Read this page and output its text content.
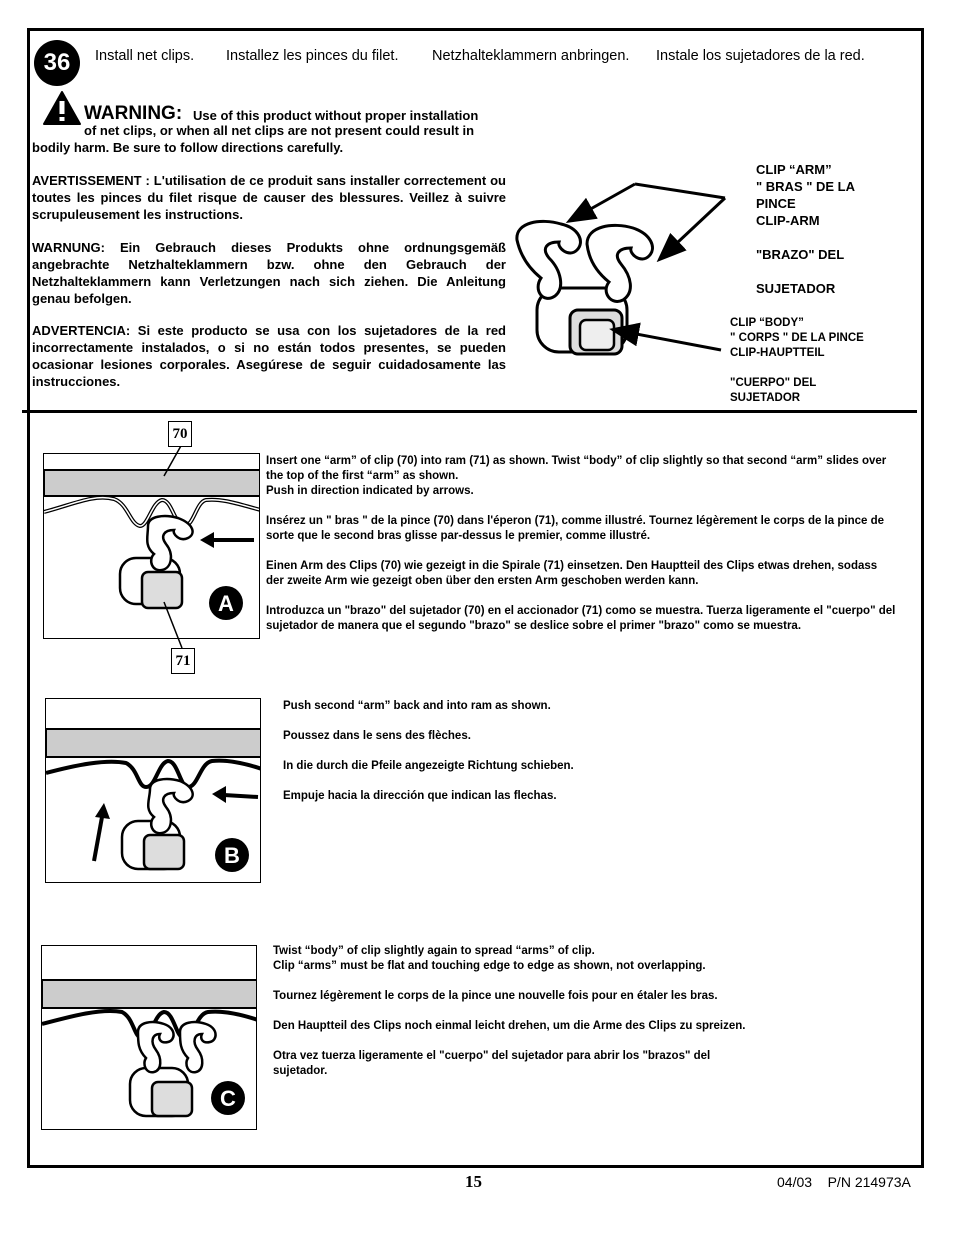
36	Install net clips. Installez les pinces du filet. Netzhalteklammern anbringen. Instale los sujetadores de la red.
WARNING: Use of this product without proper installation
of net clips, or when all net clips are not present could result in
bodily harm. Be sure to follow directions carefully.
AVERTISSEMENT : L'utilisation de ce produit sans installer correctement ou toutes les pinces du filet risque de causer des blessures. Veillez à suivre scrupuleusement les instructions.
WARNUNG: Ein Gebrauch dieses Produkts ohne ordnungsgemäß angebrachte Netzhalteklammern bzw. ohne den Gebrauch der Netzhalteklammern kann Verletzungen nach sich ziehen. Die Anleitung genau befolgen.
ADVERTENCIA: Si este producto se usa con los sujetadores de la red incorrectamente instalados, o si no están todos presentes, se pueden ocasionar lesiones corporales. Asegúrese de seguir cuidadosamente las instrucciones.
CLIP “ARM”
" BRAS " DE LA
PINCE
CLIP-ARM
"BRAZO" DEL
SUJETADOR
CLIP “BODY”
" CORPS " DE LA PINCE
CLIP-HAUPTTEIL
"CUERPO" DEL
SUJETADOR
A
70
71

Insert one “arm” of clip (70) into ram (71) as shown. Twist “body” of clip slightly so that second “arm” slides over the top of the first “arm” as shown.
Push in direction indicated by arrows.

Insérez un " bras " de la pince (70) dans l'éperon (71), comme illustré. Tournez légèrement le corps de la pince de sorte que le second bras glisse par-dessus le premier, comme illustré.

Einen Arm des Clips (70) wie gezeigt in die Spirale (71) einsetzen. Den Hauptteil des Clips etwas drehen, sodass der zweite Arm wie gezeigt oben über den ersten Arm geschoben werden kann.

Introduzca un "brazo" del sujetador (70) en el accionador (71) como se muestra. Tuerza ligeramente el "cuerpo" del sujetador de manera que el segundo "brazo" se deslice sobre el primer "brazo" como se muestra.

B

Push second “arm” back and into ram as shown.

Poussez dans le sens des flèches.

In die durch die Pfeile angezeigte Richtung schieben.

Empuje hacia la dirección que indican las flechas.

C

Twist “body” of clip slightly again to spread “arms” of clip.
Clip “arms” must be flat and touching edge to edge as shown, not overlapping.

Tournez légèrement le corps de la pince une nouvelle fois pour en étaler les bras.

Den Hauptteil des Clips noch einmal leicht drehen, um die Arme des Clips zu spreizen.

Otra vez tuerza ligeramente el "cuerpo" del sujetador para abrir los "brazos" del sujetador.

15	04/03    P/N 214973A
